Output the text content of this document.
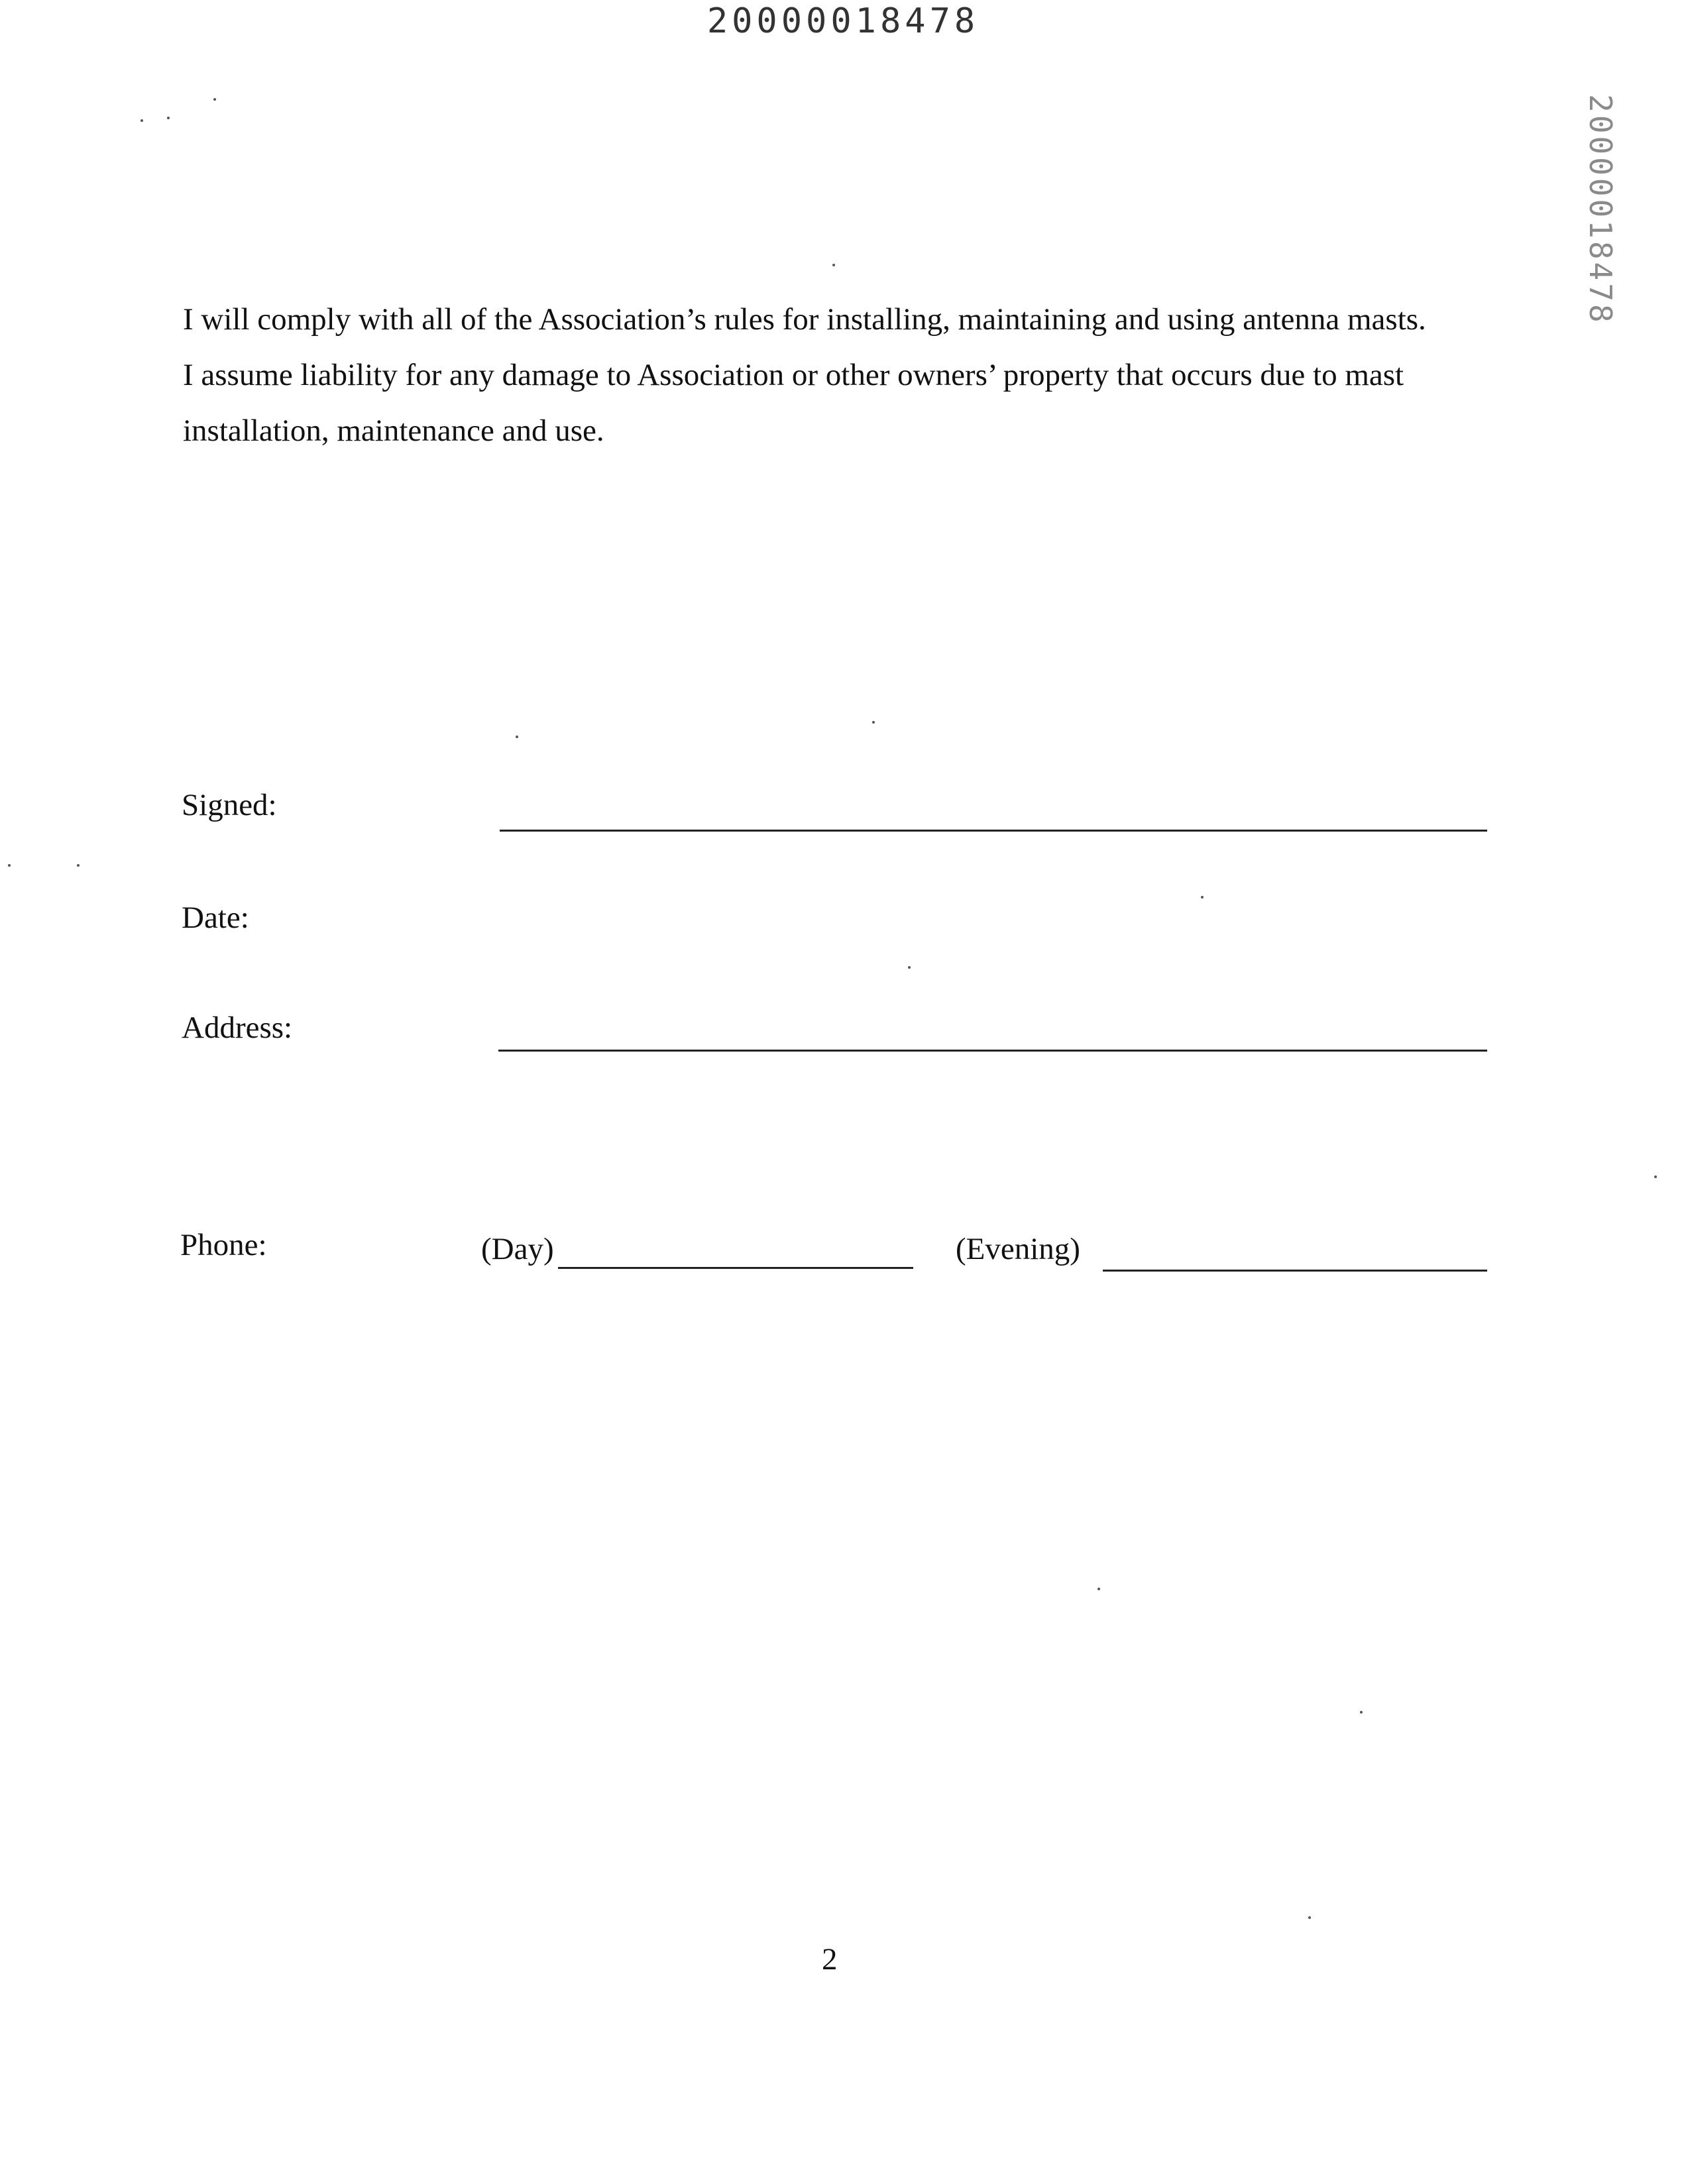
20000018478
20000018478

I will comply with all of the Association’s rules for installing, maintaining and using antenna masts.

I assume liability for any damage to Association or other owners’ property that occurs due to mast

installation, maintenance and use.

Signed:
Date:
Address:
Phone:	(Day)	(Evening)
2
